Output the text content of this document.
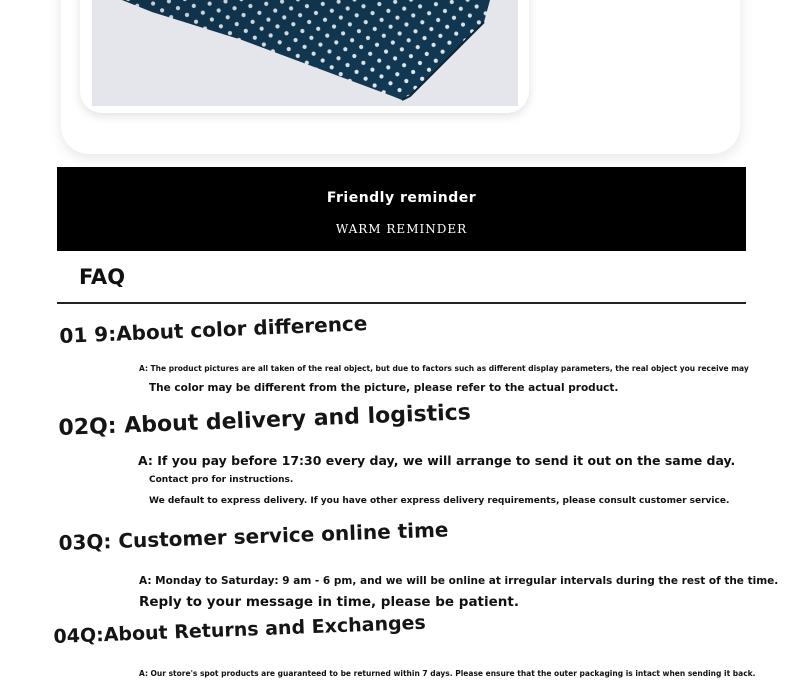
Friendly reminder
WARM REMINDER
FAQ
01 9:About color difference
A: The product pictures are all taken of the real object, but due to factors such as different display parameters, the real object you receive may
The color may be different from the picture, please refer to the actual product.
02Q: About delivery and logistics
A: If you pay before 17:30 every day, we will arrange to send it out on the same day.
Contact pro for instructions.
We default to express delivery. If you have other express delivery requirements, please consult customer service.
03Q: Customer service online time
A: Monday to Saturday: 9 am - 6 pm, and we will be online at irregular intervals during the rest of the time.
Reply to your message in time, please be patient.
04Q:About Returns and Exchanges
A: Our store's spot products are guaranteed to be returned within 7 days. Please ensure that the outer packaging is intact when sending it back.
